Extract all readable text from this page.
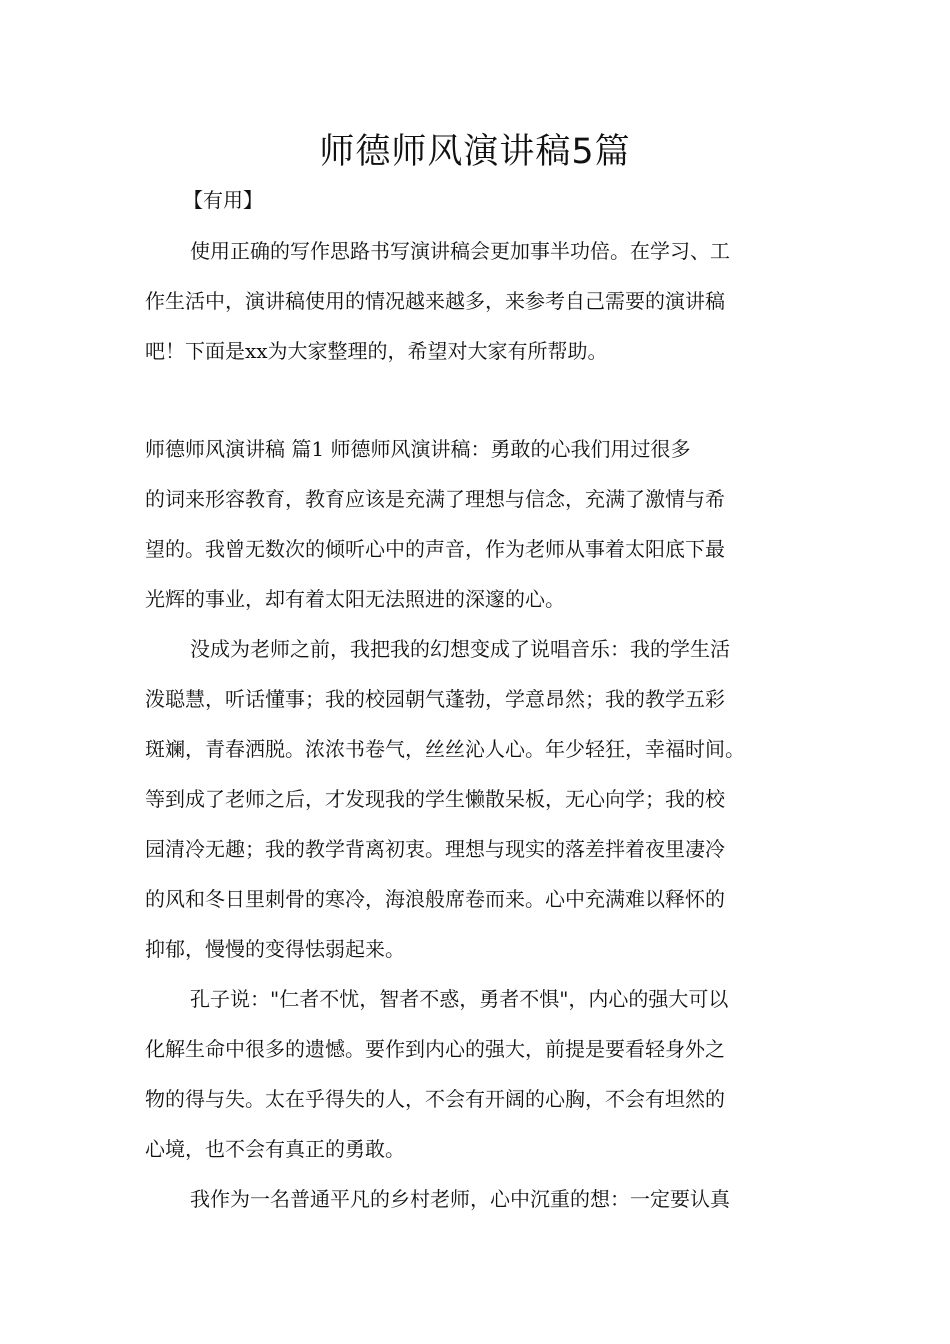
师德师风演讲稿5篇
【有用】
使用正确的写作思路书写演讲稿会更加事半功倍。在学习、工
作生活中，演讲稿使用的情况越来越多，来参考自己需要的演讲稿
吧！下面是xx为大家整理的，希望对大家有所帮助。
师德师风演讲稿 篇1 师德师风演讲稿：勇敢的心我们用过很多
的词来形容教育，教育应该是充满了理想与信念，充满了激情与希
望的。我曾无数次的倾听心中的声音，作为老师从事着太阳底下最
光辉的事业，却有着太阳无法照进的深邃的心。
没成为老师之前，我把我的幻想变成了说唱音乐：我的学生活
泼聪慧，听话懂事；我的校园朝气蓬勃，学意昂然；我的教学五彩
斑斓，青春洒脱。浓浓书卷气，丝丝沁人心。年少轻狂，幸福时间。
等到成了老师之后，才发现我的学生懒散呆板，无心向学；我的校
园清冷无趣；我的教学背离初衷。理想与现实的落差拌着夜里凄冷
的风和冬日里刺骨的寒冷，海浪般席卷而来。心中充满难以释怀的
抑郁，慢慢的变得怯弱起来。
孔子说："仁者不忧，智者不惑，勇者不惧"，内心的强大可以
化解生命中很多的遗憾。要作到内心的强大，前提是要看轻身外之
物的得与失。太在乎得失的人，不会有开阔的心胸，不会有坦然的
心境，也不会有真正的勇敢。
我作为一名普通平凡的乡村老师，心中沉重的想：一定要认真
